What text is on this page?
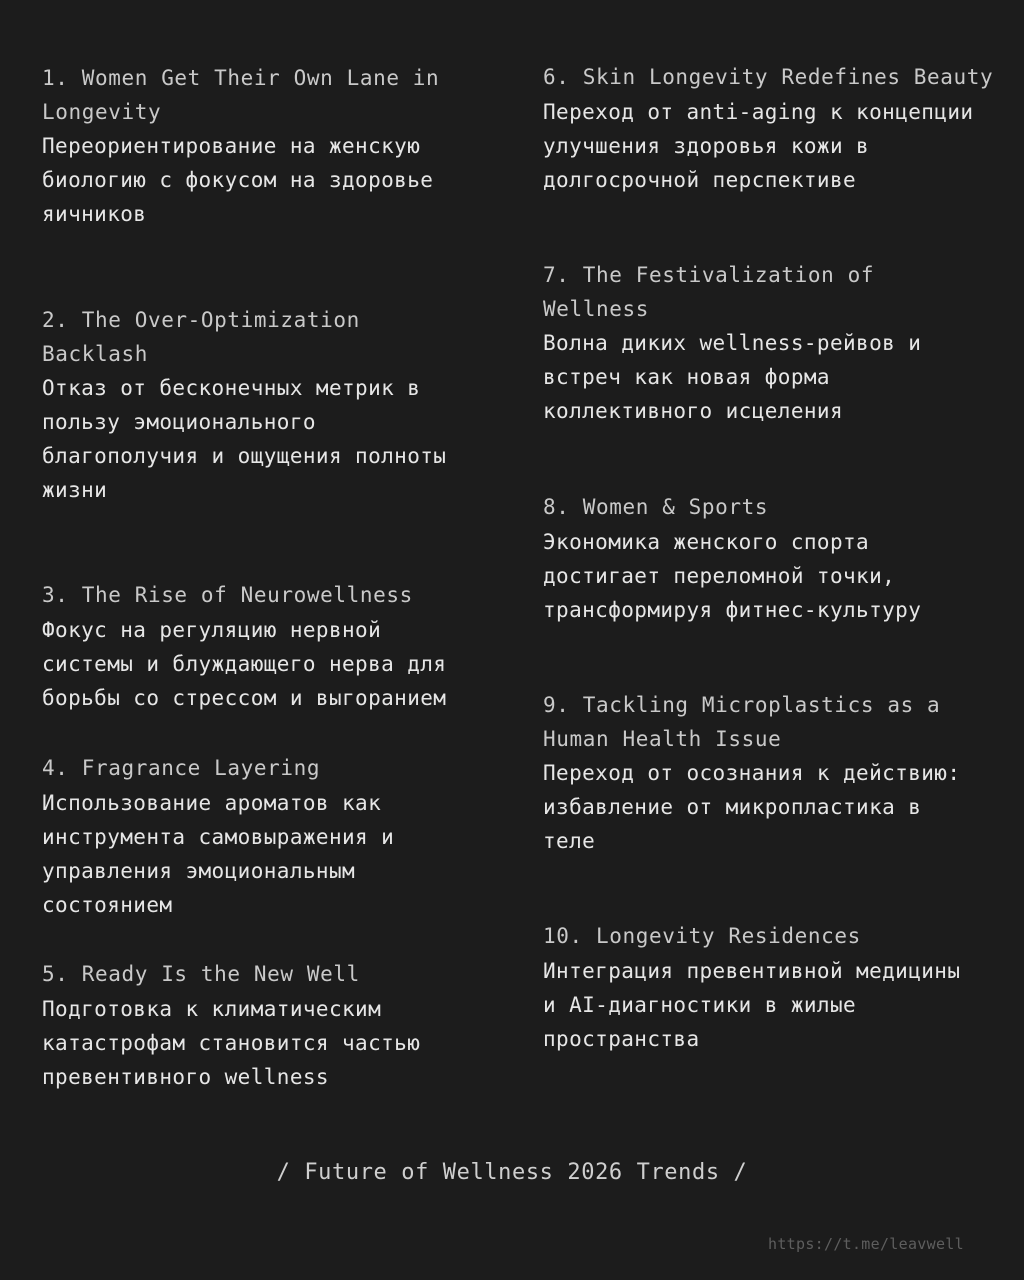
1. Women Get Their Own Lane in
Longevity
Переориентирование на женскую
биологию с фокусом на здоровье
яичников
2. The Over-Optimization
Backlash
Отказ от бесконечных метрик в
пользу эмоционального
благополучия и ощущения полноты
жизни
3. The Rise of Neurowellness
Фокус на регуляцию нервной
системы и блуждающего нерва для
борьбы со стрессом и выгоранием
4. Fragrance Layering
Использование ароматов как
инструмента самовыражения и
управления эмоциональным
состоянием
5. Ready Is the New Well
Подготовка к климатическим
катастрофам становится частью
превентивного wellness
6. Skin Longevity Redefines Beauty
Переход от anti-aging к концепции
улучшения здоровья кожи в
долгосрочной перспективе
7. The Festivalization of
Wellness
Волна диких wellness-рейвов и
встреч как новая форма
коллективного исцеления
8. Women & Sports
Экономика женского спорта
достигает переломной точки,
трансформируя фитнес-культуру
9. Tackling Microplastics as a
Human Health Issue
Переход от осознания к действию:
избавление от микропластика в
теле
10. Longevity Residences
Интеграция превентивной медицины
и AI-диагностики в жилые
пространства
/ Future of Wellness 2026 Trends /
https://t.me/leavwell
